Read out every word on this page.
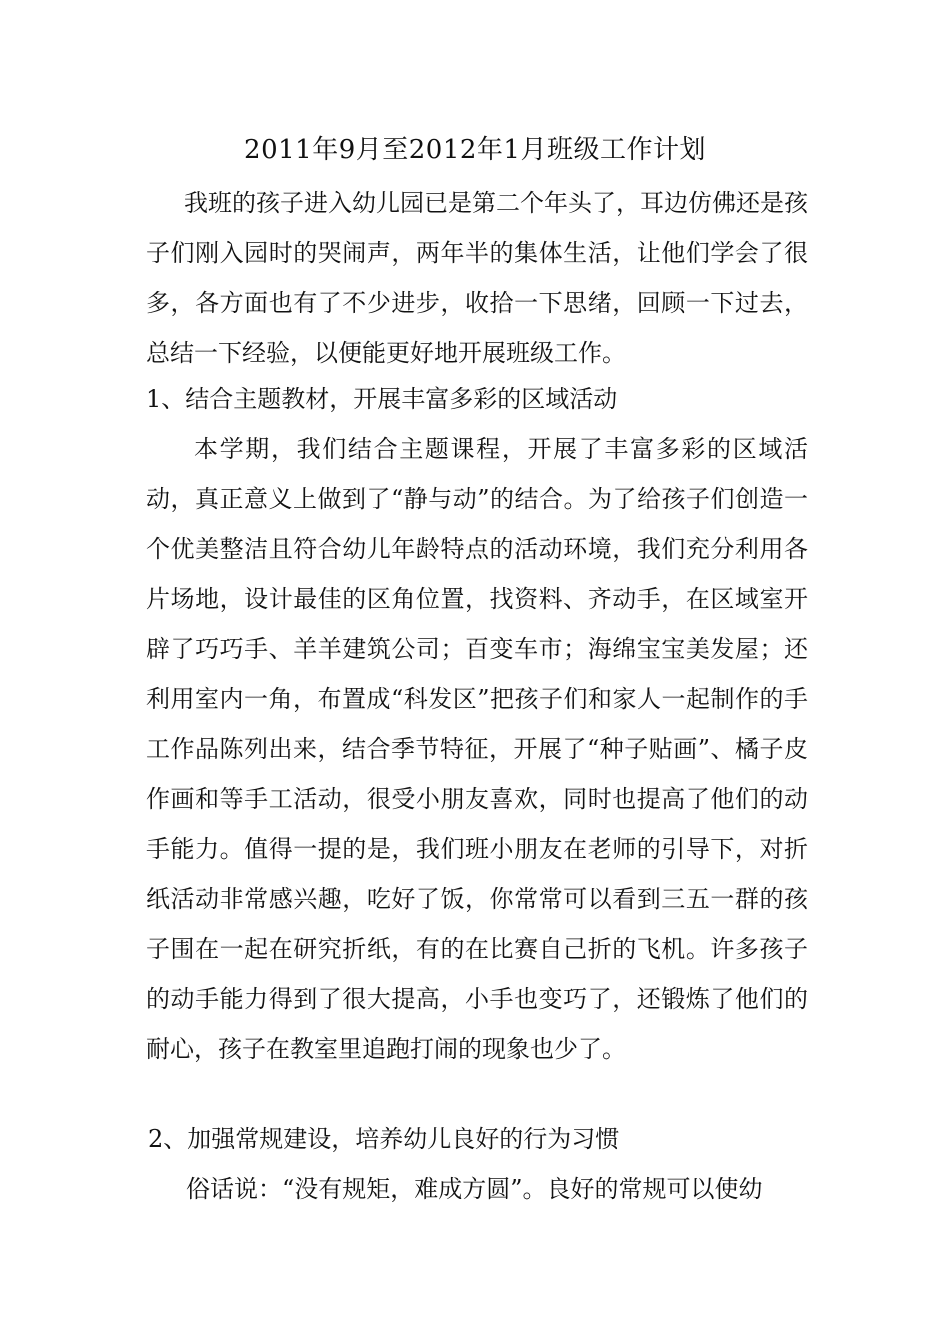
2011年9月至2012年1月班级工作计划

我班的孩子进入幼儿园已是第二个年头了，耳边仿佛还是孩子们刚入园时的哭闹声，两年半的集体生活，让他们学会了很多，各方面也有了不少进步，收拾一下思绪，回顾一下过去，总结一下经验，以便能更好地开展班级工作。

1、结合主题教材，开展丰富多彩的区域活动

本学期，我们结合主题课程，开展了丰富多彩的区域活动，真正意义上做到了“静与动”的结合。为了给孩子们创造一个优美整洁且符合幼儿年龄特点的活动环境，我们充分利用各片场地，设计最佳的区角位置，找资料、齐动手，在区域室开辟了巧巧手、羊羊建筑公司；百变车市；海绵宝宝美发屋；还利用室内一角，布置成“科发区”把孩子们和家人一起制作的手工作品陈列出来，结合季节特征，开展了“种子贴画”、橘子皮作画和等手工活动，很受小朋友喜欢，同时也提高了他们的动手能力。值得一提的是，我们班小朋友在老师的引导下，对折纸活动非常感兴趣，吃好了饭，你常常可以看到三五一群的孩子围在一起在研究折纸，有的在比赛自己折的飞机。许多孩子的动手能力得到了很大提高，小手也变巧了，还锻炼了他们的耐心，孩子在教室里追跑打闹的现象也少了。

2、加强常规建设，培养幼儿良好的行为习惯

俗话说：“没有规矩，难成方圆”。良好的常规可以使幼
